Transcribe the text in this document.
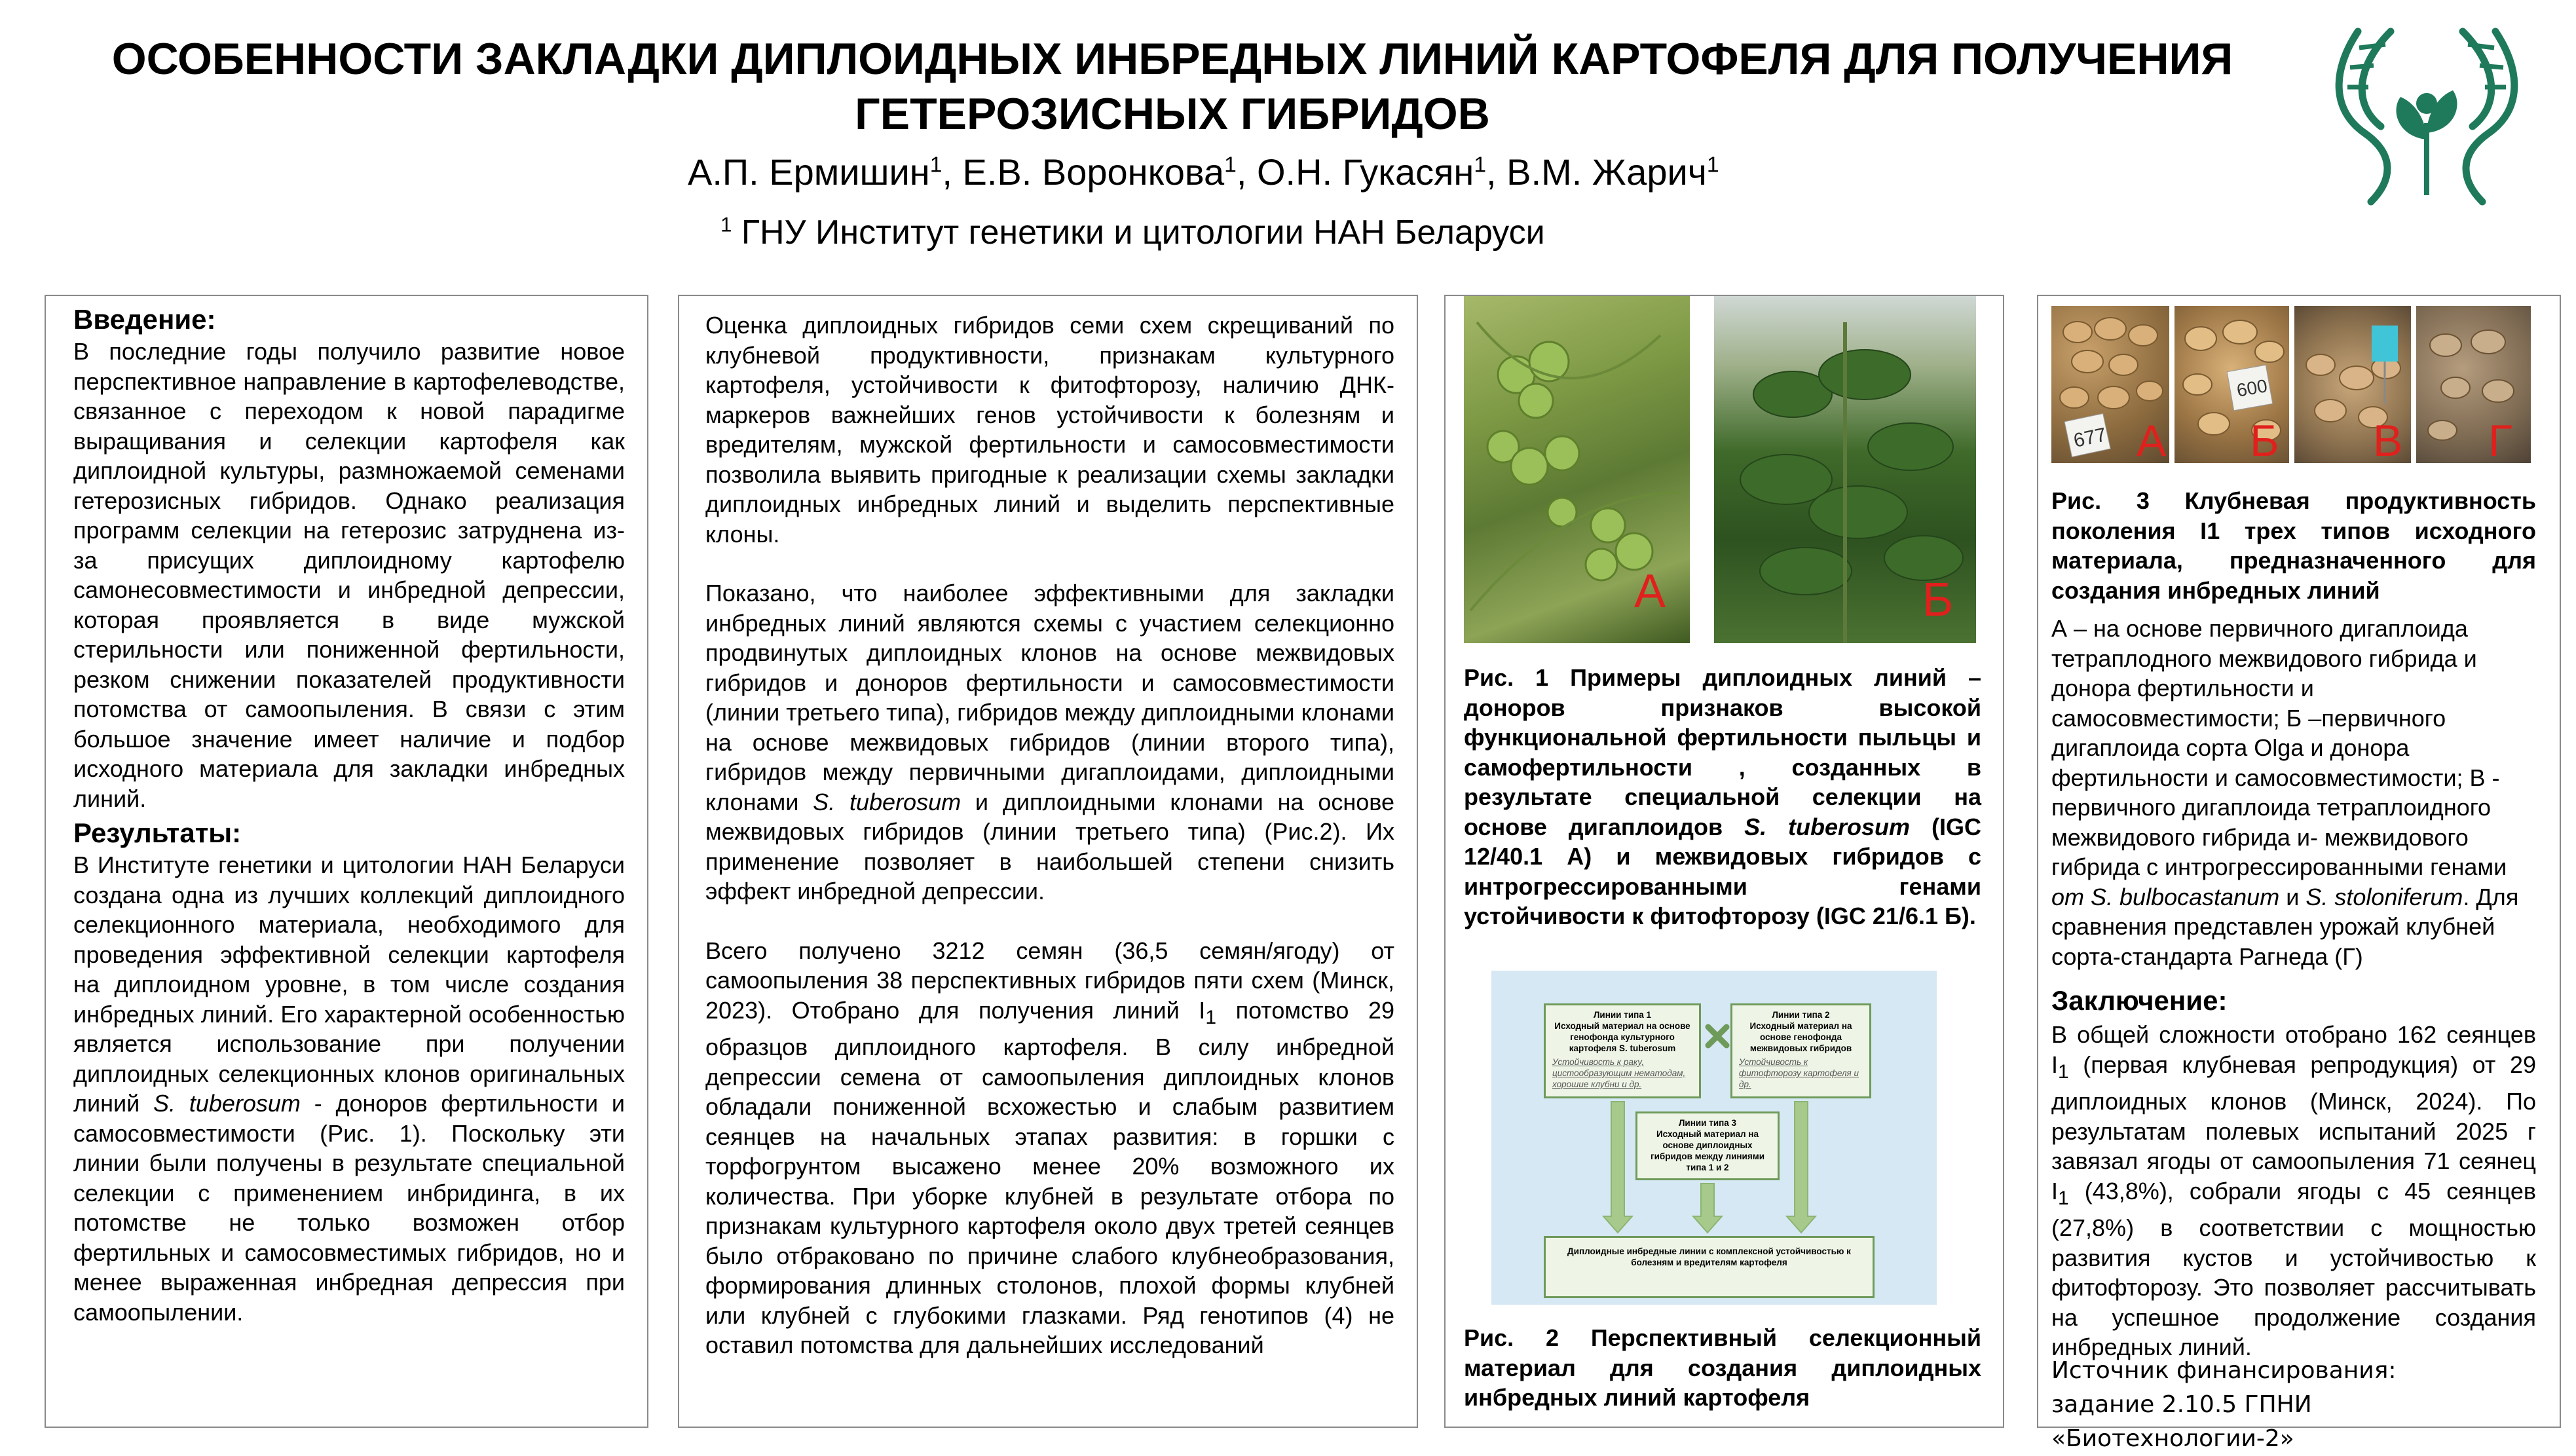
ОСОБЕННОСТИ ЗАКЛАДКИ ДИПЛОИДНЫХ ИНБРЕДНЫХ ЛИНИЙ КАРТОФЕЛЯ ДЛЯ ПОЛУЧЕНИЯ
ГЕТЕРОЗИСНЫХ ГИБРИДОВ
А.П. Ермишин$^1$, Е.В. Воронкова$^1$, О.Н. Гукасян$^1$, В.М. Жарич$^1$
$^1$ ГНУ Институт генетики и цитологии НАН Беларуси
Введение:
В последние годы получило развитие новое перспективное направление в картофелеводстве, связанное с переходом к новой парадигме выращивания и селекции картофеля как диплоидной культуры, размножаемой семенами гетерозисных гибридов. Однако реализация программ селекции на гетерозис затруднена из-за присущих диплоидному картофелю самонесовместимости и инбредной депрессии, которая проявляется в виде мужской стерильности или пониженной фертильности, резком снижении показателей продуктивности потомства от самоопыления. В связи с этим большое значение имеет наличие и подбор исходного материала для закладки инбредных линий.
Результаты:
В Институте генетики и цитологии НАН Беларуси создана одна из лучших коллекций диплоидного селекционного материала, необходимого для проведения эффективной селекции картофеля на диплоидном уровне, в том числе создания инбредных линий. Его характерной особенностью является использование при получении диплоидных селекционных клонов оригинальных линий S. tuberosum - доноров фертильности и самосовместимости (Рис. 1). Поскольку эти линии были получены в результате специальной селекции с применением инбридинга, в их потомстве не только возможен отбор фертильных и самосовместимых гибридов, но и менее выраженная инбредная депрессия при самоопылении.
Оценка диплоидных гибридов семи схем скрещиваний по клубневой продуктивности, признакам культурного картофеля, устойчивости к фитофторозу, наличию ДНК-маркеров важнейших генов устойчивости к болезням и вредителям, мужской фертильности и самосовместимости позволила выявить пригодные к реализации схемы закладки диплоидных инбредных линий и выделить перспективные клоны.
Показано, что наиболее эффективными для закладки инбредных линий являются схемы с участием селекционно продвинутых диплоидных клонов на основе межвидовых гибридов и доноров фертильности и самосовместимости (линии третьего типа), гибридов между диплоидными клонами на основе межвидовых гибридов (линии второго типа), гибридов между первичными дигаплоидами, диплоидными клонами S. tuberosum и диплоидными клонами на основе межвидовых гибридов (линии третьего типа) (Рис.2). Их применение позволяет в наибольшей степени снизить эффект инбредной депрессии.
Всего получено 3212 семян (36,5 семян/ягоду) от самоопыления 38 перспективных гибридов пяти схем (Минск, 2023). Отобрано для получения линий $I_1$ потомство 29 образцов диплоидного картофеля. В силу инбредной депрессии семена от самоопыления диплоидных клонов обладали пониженной всхожестью и слабым развитием сеянцев на начальных этапах развития: в горшки с торфогрунтом высажено менее 20% возможного их количества. При уборке клубней в результате отбора по признакам культурного картофеля около двух третей сеянцев было отбраковано по причине слабого клубнеобразования, формирования длинных столонов, плохой формы клубней или клубней с глубокими глазками. Ряд генотипов (4) не оставил потомства для дальнейших исследований
А	Б
Рис. 1 Примеры диплоидных линий – доноров признаков высокой функциональной фертильности пыльцы и самофертильности , созданных в результате специальной селекции на основе дигаплоидов S. tuberosum (IGC 12/40.1 А) и межвидовых гибридов с интрогрессированными генами устойчивости к фитофторозу (IGC 21/6.1 Б).
Линии типа 1
Исходный материал на основе генофонда культурного картофеля S. tuberosum
Устойчивость к раку, цистообразующим нематодам, хорошие клубни и др.
Линии типа 2
Исходный материал на основе генофонда межвидовых гибридов
Устойчивость к фитофторозу картофеля и др.
Линии типа 3
Исходный материал на основе диплоидных гибридов между линиями типа 1 и 2
Диплоидные инбредные линии с комплексной устойчивостью к болезням и вредителям картофеля
Рис. 2 Перспективный селекционный материал для создания диплоидных инбредных линий картофеля
677 А
600
Б В Г
Рис. 3 Клубневая продуктивность поколения I1 трех типов исходного материала, предназначенного для создания инбредных линий
А – на основе первичного дигаплоида тетраплодного межвидового гибрида и донора фертильности и самосовместимости; Б –первичного дигаплоида сорта Olga и донора фертильности и самосовместимости; В - первичного дигаплоида тетраплоидного межвидового гибрида и- межвидового гибрида с интрогрессированными генами от S. bulbocastanum и S. stoloniferum. Для сравнения представлен урожай клубней сорта-стандарта Рагнеда (Г)
Заключение:
В общей сложности отобрано 162 сеянцев $I_1$ (первая клубневая репродукция) от 29 диплоидных клонов (Минск, 2024). По результатам полевых испытаний 2025 г завязал ягоды от самоопыления 71 сеянец $I_1$ (43,8%), собрали ягоды с 45 сеянцев (27,8%) в соответствии с мощностью развития кустов и устойчивостью к фитофторозу. Это позволяет рассчитывать на успешное продолжение создания инбредных линий.
Источник финансирования:
задание 2.10.5 ГПНИ «Биотехнологии-2»
